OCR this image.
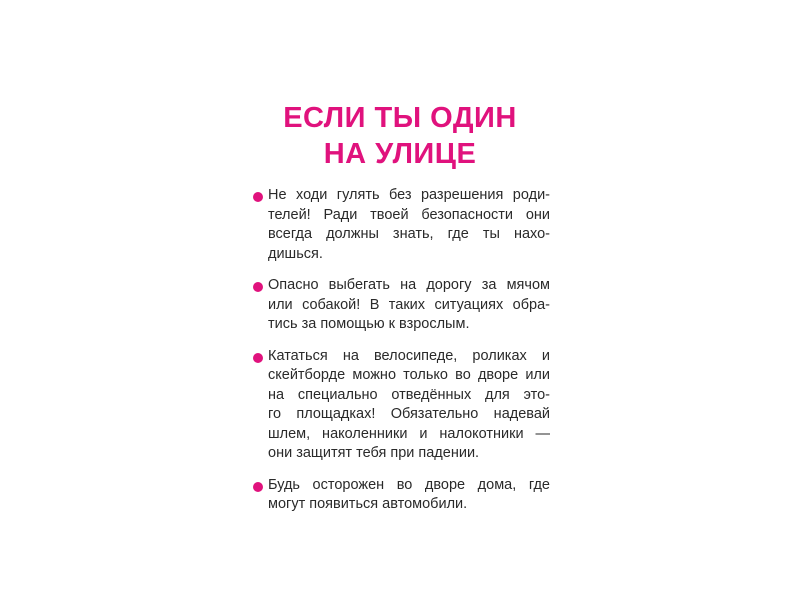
ЕСЛИ ТЫ ОДИН
НА УЛИЦЕ
Не ходи гулять без разрешения роди-
телей! Ради твоей безопасности они
всегда должны знать, где ты нахо-
дишься.
Опасно выбегать на дорогу за мячом
или собакой! В таких ситуациях обра-
тись за помощью к взрослым.
Кататься на велосипеде, роликах и
скейтборде можно только во дворе или
на специально отведённых для это-
го площадках! Обязательно надевай
шлем, наколенники и налокотники —
они защитят тебя при падении.
Будь осторожен во дворе дома, где
могут появиться автомобили.
